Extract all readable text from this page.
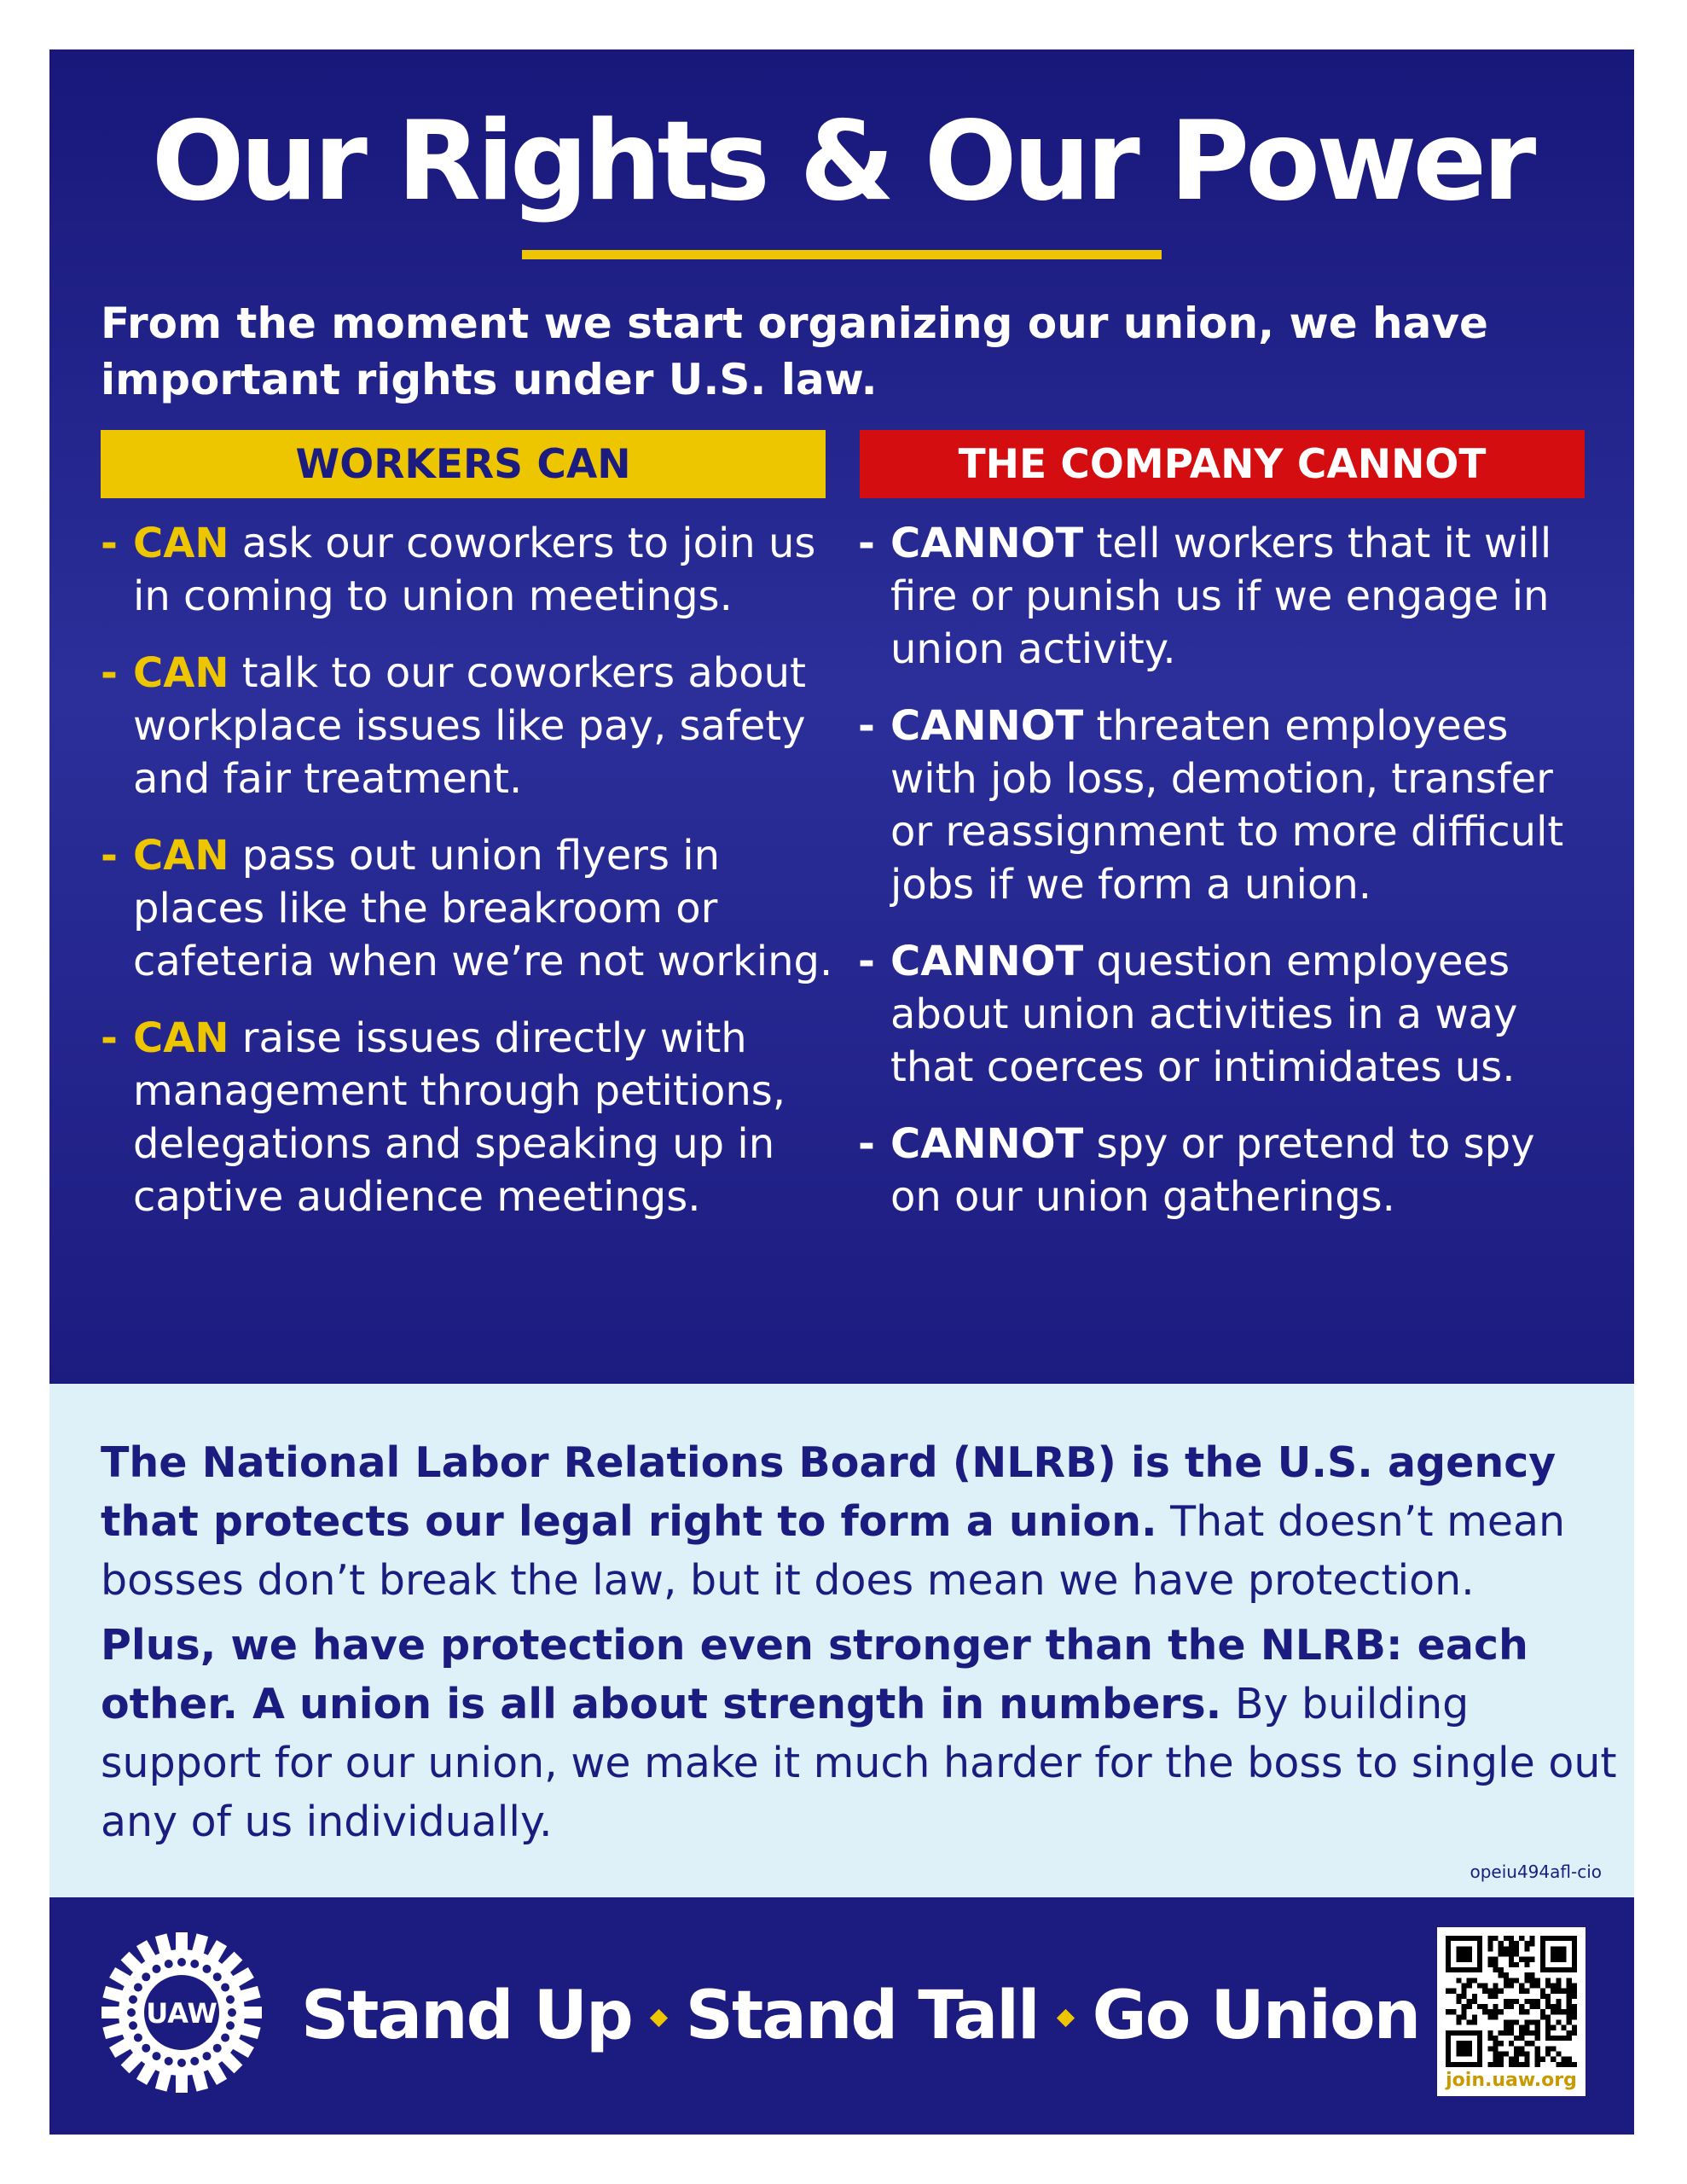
Our Rights & Our Power
From the moment we start organizing our union, we have important rights under U.S. law.
WORKERS CAN	THE COMPANY CANNOT
- CAN ask our coworkers to join us in coming to union meetings.
- CAN talk to our coworkers about workplace issues like pay, safety and fair treatment.
- CAN pass out union flyers in places like the breakroom or cafeteria when we’re not working.
- CAN raise issues directly with management through petitions, delegations and speaking up in captive audience meetings.
- CANNOT tell workers that it will fire or punish us if we engage in union activity.
- CANNOT threaten employees with job loss, demotion, transfer or reassignment to more difficult jobs if we form a union.
- CANNOT question employees about union activities in a way that coerces or intimidates us.
- CANNOT spy or pretend to spy on our union gatherings.
The National Labor Relations Board (NLRB) is the U.S. agency that protects our legal right to form a union. That doesn’t mean bosses don’t break the law, but it does mean we have protection.
Plus, we have protection even stronger than the NLRB: each other. A union is all about strength in numbers. By building support for our union, we make it much harder for the boss to single out any of us individually.
opeiu494afl-cio
UAW Stand Up Stand Tall Go Union
join.uaw.org
